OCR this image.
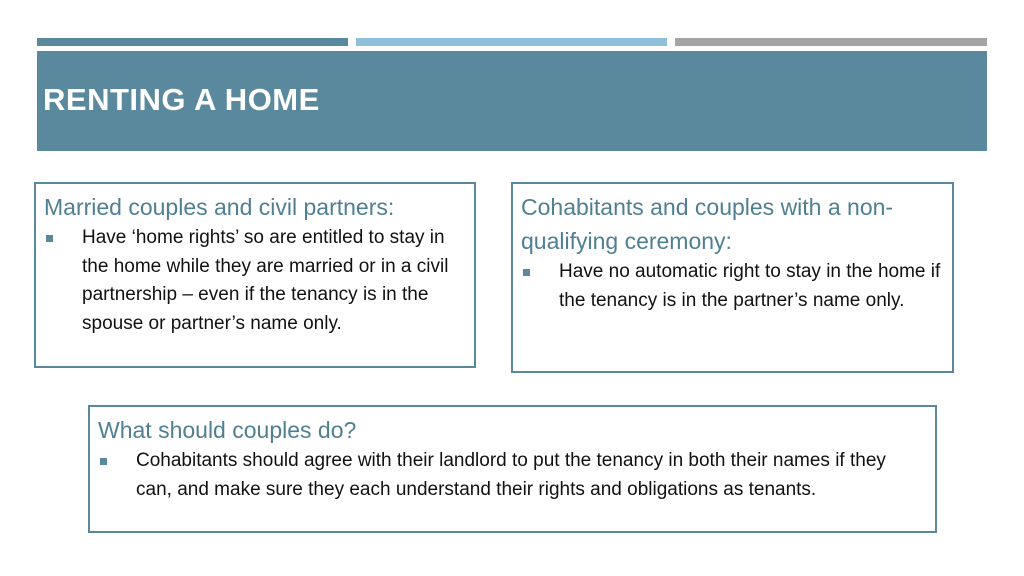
RENTING A HOME
Married couples and civil partners:
Have ‘home rights’ so are entitled to stay in the home while they are married or in a civil partnership – even if the tenancy is in the spouse or partner’s name only.
Cohabitants and couples with a non-qualifying ceremony:
Have no automatic right to stay in the home if the tenancy is in the partner’s name only.
What should couples do?
Cohabitants should agree with their landlord to put the tenancy in both their names if they can, and make sure they each understand their rights and obligations as tenants.
